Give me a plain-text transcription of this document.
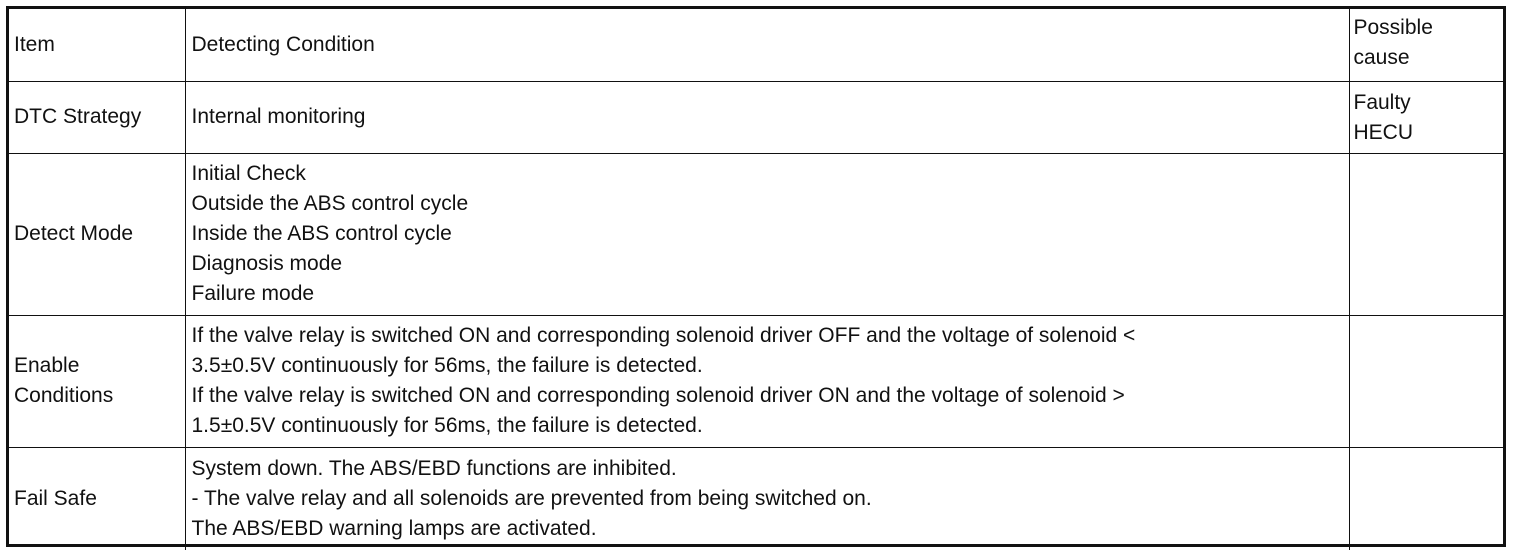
Item	Detecting Condition	Possible
cause

DTC Strategy	Internal monitoring	Faulty
HECU

Detect Mode	Initial Check
Outside the ABS control cycle
Inside the ABS control cycle
Diagnosis mode
Failure mode	

Enable
Conditions	If the valve relay is switched ON and corresponding solenoid driver OFF and the voltage of solenoid <
3.5±0.5V continuously for 56ms, the failure is detected.
If the valve relay is switched ON and corresponding solenoid driver ON and the voltage of solenoid >
1.5±0.5V continuously for 56ms, the failure is detected.	

Fail Safe	System down. The ABS/EBD functions are inhibited.
- The valve relay and all solenoids are prevented from being switched on.
The ABS/EBD warning lamps are activated.	
